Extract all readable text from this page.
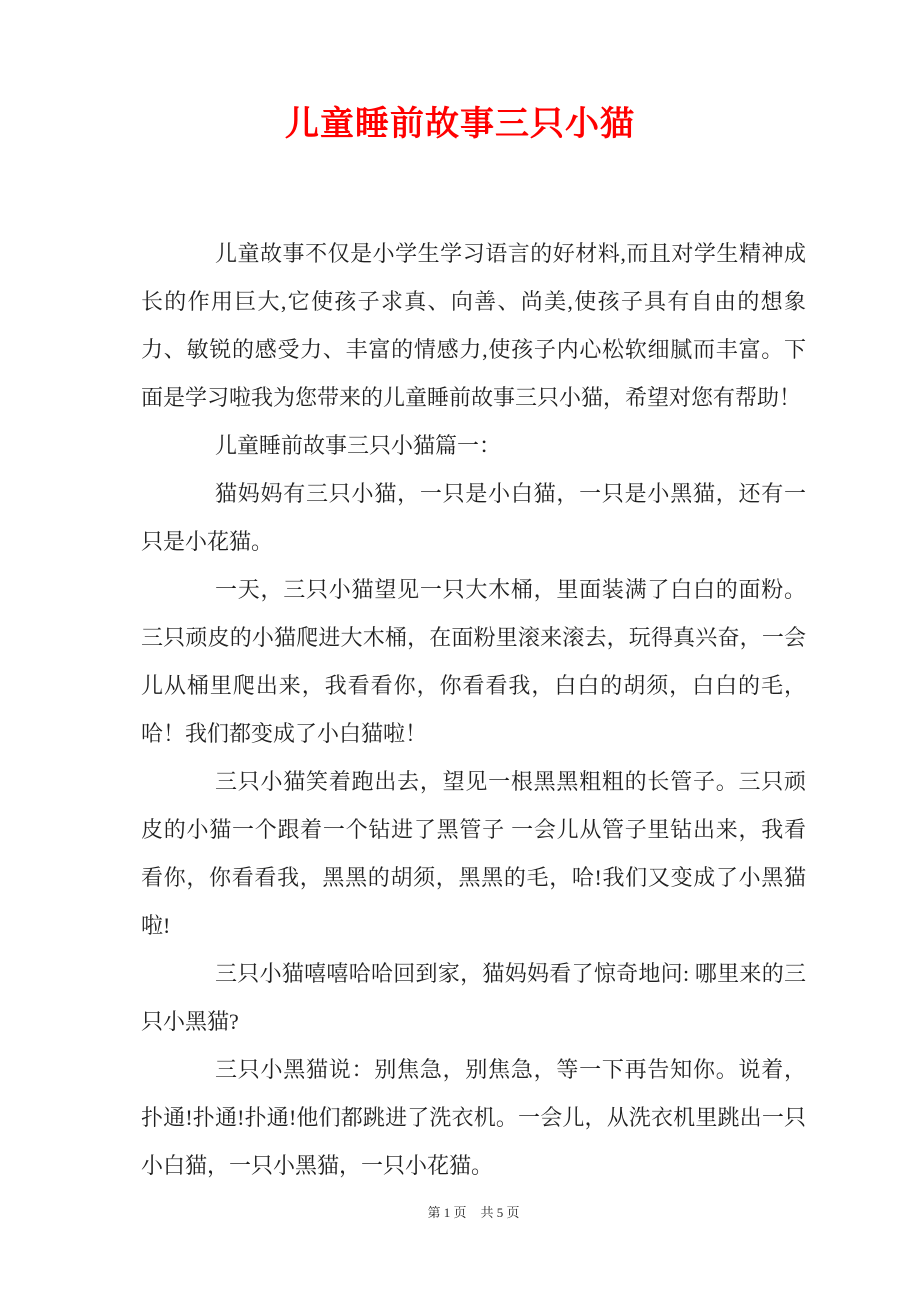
儿童睡前故事三只小猫

儿童故事不仅是小学生学习语言的好材料,而且对学生精神成长的作用巨大,它使孩子求真、向善、尚美,使孩子具有自由的想象力、敏锐的感受力、丰富的情感力,使孩子内心松软细腻而丰富。下面是学习啦我为您带来的儿童睡前故事三只小猫，希望对您有帮助！

儿童睡前故事三只小猫篇一：

猫妈妈有三只小猫，一只是小白猫，一只是小黑猫，还有一只是小花猫。

一天，三只小猫望见一只大木桶，里面装满了白白的面粉。三只顽皮的小猫爬进大木桶，在面粉里滚来滚去，玩得真兴奋，一会儿从桶里爬出来，我看看你，你看看我，白白的胡须，白白的毛，哈！我们都变成了小白猫啦！

三只小猫笑着跑出去，望见一根黑黑粗粗的长管子。三只顽皮的小猫一个跟着一个钻进了黑管子 一会儿从管子里钻出来，我看看你，你看看我，黑黑的胡须，黑黑的毛，哈!我们又变成了小黑猫啦!

三只小猫嘻嘻哈哈回到家，猫妈妈看了惊奇地问: 哪里来的三只小黑猫?

三只小黑猫说：别焦急，别焦急，等一下再告知你。说着，扑通!扑通!扑通!他们都跳进了洗衣机。一会儿，从洗衣机里跳出一只小白猫，一只小黑猫，一只小花猫。

第 1 页 共 5 页
